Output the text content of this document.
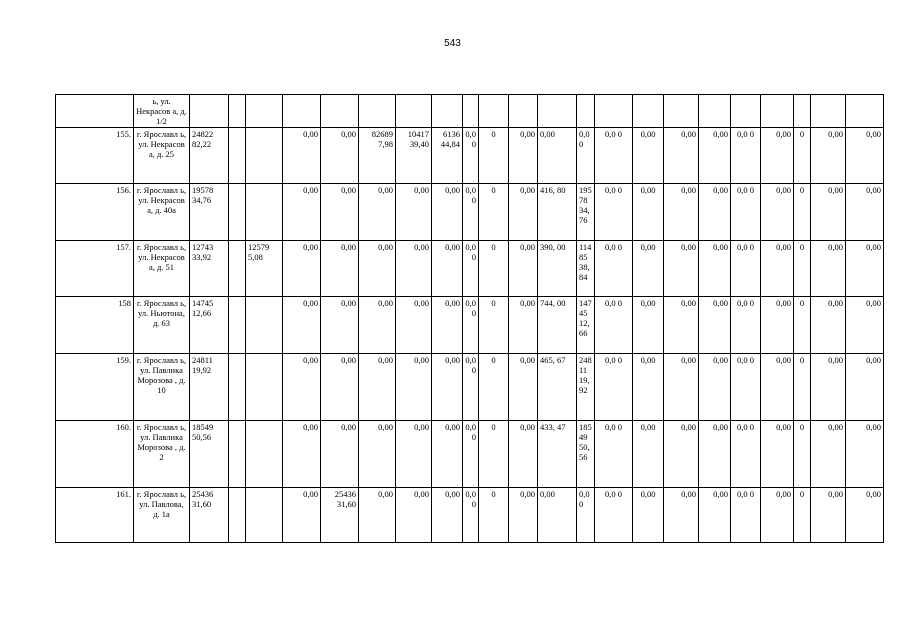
543
	ь, ул. Некрасов а, д. 1/2																						
155.	г. Ярославл ь, ул. Некрасов а, д. 25	24822 82,22			0,00	0,00	82689 7,98	10417 39,40	6136 44,84	0,00	0	0,00	0,00	0,00	0,0 0	0,00	0,00	0,00	0,0 0	0,00	0	0,00	0,00
156.	г. Ярославл ь, ул. Некрасов а, д. 40а	19578 34,76			0,00	0,00	0,00	0,00	0,00	0,00	0	0,00	416, 80	19578 34,76	0,0 0	0,00	0,00	0,00	0,0 0	0,00	0	0,00	0,00
157.	г. Ярославл ь, ул. Некрасов а, д. 51	12743 33,92		12579 5,08	0,00	0,00	0,00	0,00	0,00	0,00	0	0,00	390, 00	11485 38,84	0,0 0	0,00	0,00	0,00	0,0 0	0,00	0	0,00	0,00
158	г. Ярославл ь, ул. Ньютона, д. 63	14745 12,66			0,00	0,00	0,00	0,00	0,00	0,00	0	0,00	744, 00	14745 12,66	0,0 0	0,00	0,00	0,00	0,0 0	0,00	0	0,00	0,00
159.	г. Ярославл ь, ул. Павлика Морозова , д. 10	24811 19,92			0,00	0,00	0,00	0,00	0,00	0,00	0	0,00	465, 67	24811 19,92	0,0 0	0,00	0,00	0,00	0,0 0	0,00	0	0,00	0,00
160.	г. Ярославл ь, ул. Павлика Морозова , д. 2	18549 50,56			0,00	0,00	0,00	0,00	0,00	0,00	0	0,00	433, 47	18549 50,56	0,0 0	0,00	0,00	0,00	0,0 0	0,00	0	0,00	0,00
161.	г. Ярославл ь, ул. Павлова, д. 1а	25436 31,60			0,00	25436 31,60	0,00	0,00	0,00	0,00	0	0,00	0,00	0,00	0,0 0	0,00	0,00	0,00	0,0 0	0,00	0	0,00	0,00
